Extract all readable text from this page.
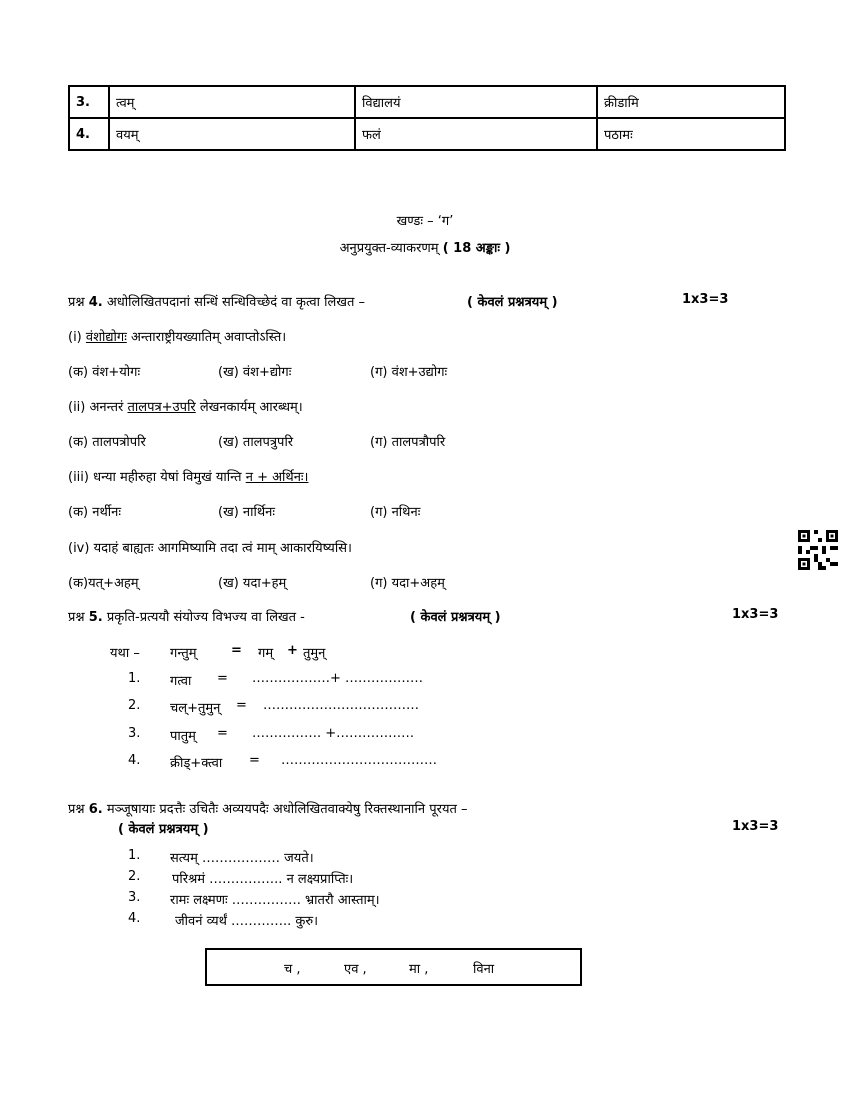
3.	त्वम्	विद्यालयं	क्रीडामि
4.	वयम्	फलं	पठामः
खण्डः – ‘ग’
अनुप्रयुक्त-व्याकरणम् ( 18 अङ्काः )
प्रश्न 4. अधोलिखितपदानां सन्धिं सन्धिविच्छेदं वा कृत्वा लिखत –	( केवलं प्रश्नत्रयम् )	1x3=3
(i) वंशोद्योगः अन्ताराष्ट्रीयख्यातिम् अवाप्तोऽस्ति।
(क) वंश+योगः	(ख) वंश+द्योगः	(ग) वंश+उद्योगः
(ii) अनन्तरं तालपत्र+उपरि लेखनकार्यम् आरब्धम्।
(क) तालपत्रोपरि	(ख) तालपत्रुपरि	(ग) तालपत्रौपरि
(iii) धन्या महीरुहा येषां विमुखं यान्ति न + अर्थिनः।
(क) नर्थीनः	(ख) नार्थिनः	(ग) नथिनः
(iv) यदाहं बाह्यतः आगमिष्यामि तदा त्वं माम् आकारयिष्यसि।
(क)यत्+अहम्	(ख) यदा+हम्	(ग) यदा+अहम्
प्रश्न 5. प्रकृति-प्रत्ययौ संयोज्य विभज्य वा लिखत -	( केवलं प्रश्नत्रयम् )	1x3=3
यथा – गन्तुम्	= गम् + तुमुन्
1. गत्वा = ………………+ ………………
2. चल्+तुमुन् = ………………………………
3. पातुम् = ……………. +………………
4. क्रीड्+क्त्वा = ………………………………
प्रश्न 6. मञ्जूषायाः प्रदत्तैः उचितैः अव्ययपदैः अधोलिखितवाक्येषु रिक्तस्थानानि पूरयत –
( केवलं प्रश्नत्रयम् )	1x3=3
1. सत्यम् ……………… जयते।
2. परिश्रमं …………….. न लक्ष्यप्राप्तिः।
3. रामः लक्ष्मणः ……………. भ्रातरौ आस्ताम्।
4.	जीवनं व्यर्थं ………….. कुरु।
च ,	एव ,	मा ,	विना
